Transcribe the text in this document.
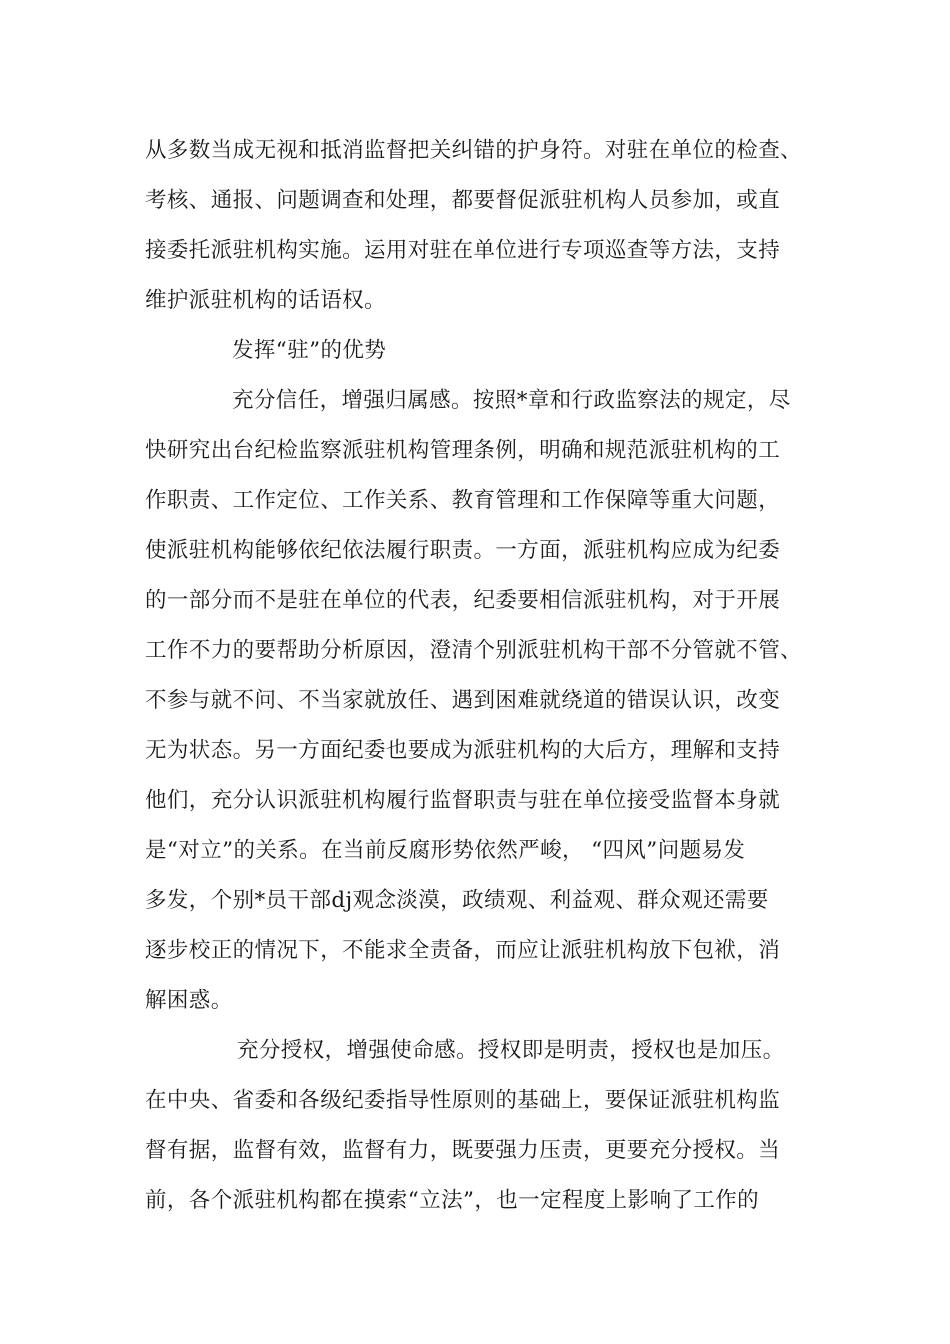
从多数当成无视和抵消监督把关纠错的护身符。对驻在单位的检查、
考核、通报、问题调查和处理，都要督促派驻机构人员参加，或直
接委托派驻机构实施。运用对驻在单位进行专项巡查等方法，支持
维护派驻机构的话语权。
发挥“驻”的优势
充分信任，增强归属感。按照*章和行政监察法的规定，尽
快研究出台纪检监察派驻机构管理条例，明确和规范派驻机构的工
作职责、工作定位、工作关系、教育管理和工作保障等重大问题，
使派驻机构能够依纪依法履行职责。一方面，派驻机构应成为纪委
的一部分而不是驻在单位的代表，纪委要相信派驻机构，对于开展
工作不力的要帮助分析原因，澄清个别派驻机构干部不分管就不管、
不参与就不问、不当家就放任、遇到困难就绕道的错误认识，改变
无为状态。另一方面纪委也要成为派驻机构的大后方，理解和支持
他们，充分认识派驻机构履行监督职责与驻在单位接受监督本身就
是“对立”的关系。在当前反腐形势依然严峻， “四风”问题易发
多发，个别*员干部dj观念淡漠，政绩观、利益观、群众观还需要
逐步校正的情况下，不能求全责备，而应让派驻机构放下包袱，消
解困惑。
充分授权，增强使命感。授权即是明责，授权也是加压。
在中央、省委和各级纪委指导性原则的基础上，要保证派驻机构监
督有据，监督有效，监督有力，既要强力压责，更要充分授权。当
前，各个派驻机构都在摸索“立法”，也一定程度上影响了工作的
